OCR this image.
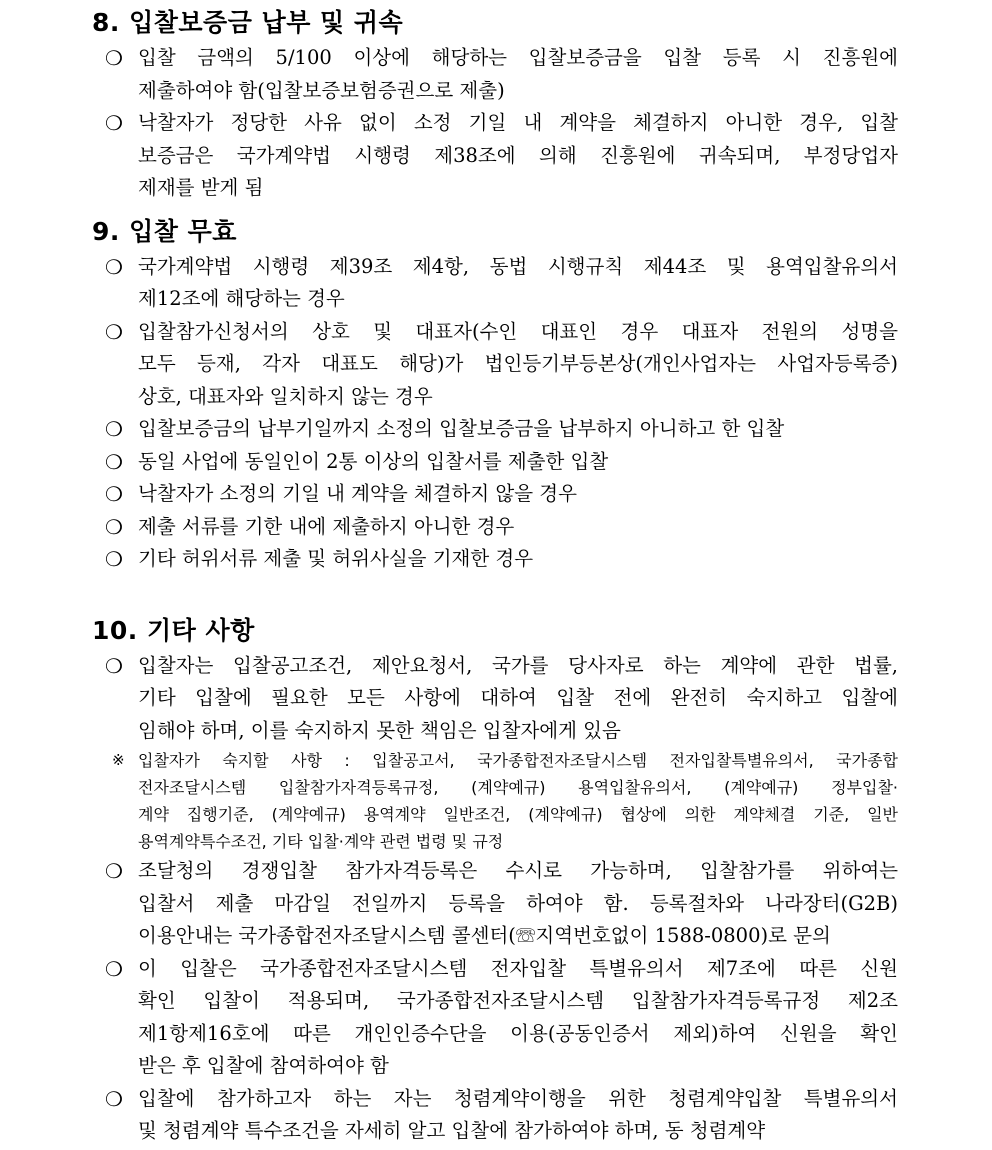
8. 입찰보증금 납부 및 귀속
❍ 입찰 금액의 5/100 이상에 해당하는 입찰보증금을 입찰 등록 시 진흥원에
제출하여야 함(입찰보증보험증권으로 제출)
❍ 낙찰자가 정당한 사유 없이 소정 기일 내 계약을 체결하지 아니한 경우, 입찰
보증금은 국가계약법 시행령 제38조에 의해 진흥원에 귀속되며, 부정당업자
제재를 받게 됨
9. 입찰 무효
❍ 국가계약법 시행령 제39조 제4항, 동법 시행규칙 제44조 및 용역입찰유의서
제12조에 해당하는 경우
❍ 입찰참가신청서의 상호 및 대표자(수인 대표인 경우 대표자 전원의 성명을
모두 등재, 각자 대표도 해당)가 법인등기부등본상(개인사업자는 사업자등록증)
상호, 대표자와 일치하지 않는 경우
❍ 입찰보증금의 납부기일까지 소정의 입찰보증금을 납부하지 아니하고 한 입찰
❍ 동일 사업에 동일인이 2통 이상의 입찰서를 제출한 입찰
❍ 낙찰자가 소정의 기일 내 계약을 체결하지 않을 경우
❍ 제출 서류를 기한 내에 제출하지 아니한 경우
❍ 기타 허위서류 제출 및 허위사실을 기재한 경우
10. 기타 사항
❍ 입찰자는 입찰공고조건, 제안요청서, 국가를 당사자로 하는 계약에 관한 법률,
기타 입찰에 필요한 모든 사항에 대하여 입찰 전에 완전히 숙지하고 입찰에
임해야 하며, 이를 숙지하지 못한 책임은 입찰자에게 있음
※ 입찰자가 숙지할 사항 : 입찰공고서, 국가종합전자조달시스템 전자입찰특별유의서, 국가종합
전자조달시스템 입찰참가자격등록규정, (계약예규) 용역입찰유의서, (계약예규) 정부입찰·
계약 집행기준, (계약예규) 용역계약 일반조건, (계약예규) 협상에 의한 계약체결 기준, 일반
용역계약특수조건, 기타 입찰·계약 관련 법령 및 규정
❍ 조달청의 경쟁입찰 참가자격등록은 수시로 가능하며, 입찰참가를 위하여는
입찰서 제출 마감일 전일까지 등록을 하여야 함. 등록절차와 나라장터(G2B)
이용안내는 국가종합전자조달시스템 콜센터(☏지역번호없이 1588-0800)로 문의
❍ 이 입찰은 국가종합전자조달시스템 전자입찰 특별유의서 제7조에 따른 신원
확인 입찰이 적용되며, 국가종합전자조달시스템 입찰참가자격등록규정 제2조
제1항제16호에 따른 개인인증수단을 이용(공동인증서 제외)하여 신원을 확인
받은 후 입찰에 참여하여야 함
❍ 입찰에 참가하고자 하는 자는 청렴계약이행을 위한 청렴계약입찰 특별유의서
및 청렴계약 특수조건을 자세히 알고 입찰에 참가하여야 하며, 동 청렴계약
